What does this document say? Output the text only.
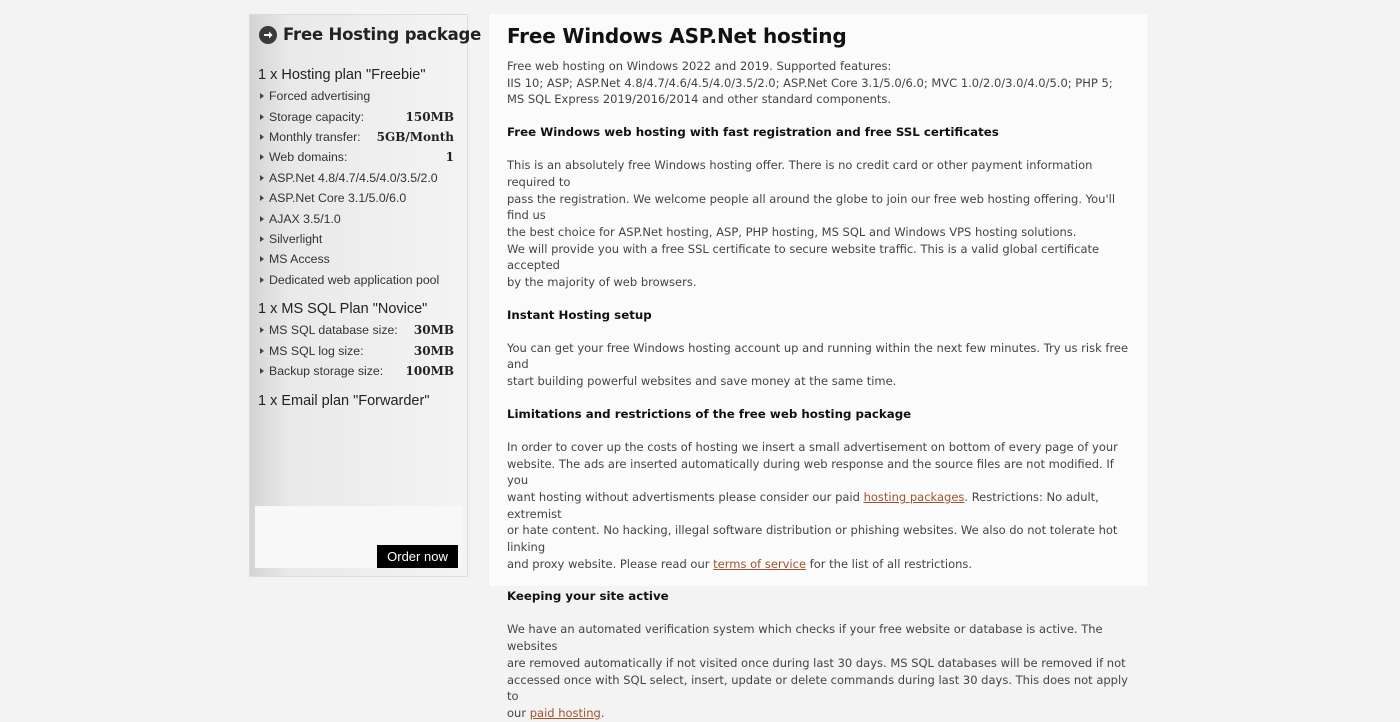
Free Hosting package
1 x Hosting plan "Freebie"
Forced advertising
Storage capacity:	150MB
Monthly transfer:	5GB/Month
Web domains:	1
ASP.Net 4.8/4.7/4.5/4.0/3.5/2.0
ASP.Net Core 3.1/5.0/6.0
AJAX 3.5/1.0
Silverlight
MS Access
Dedicated web application pool
1 x MS SQL Plan "Novice"
MS SQL database size:	30MB
MS SQL log size:	30MB
Backup storage size:	100MB
1 x Email plan "Forwarder"
Order now
Free Windows ASP.Net hosting

Free web hosting on Windows 2022 and 2019. Supported features:
IIS 10; ASP; ASP.Net 4.8/4.7/4.6/4.5/4.0/3.5/2.0; ASP.Net Core 3.1/5.0/6.0; MVC 1.0/2.0/3.0/4.0/5.0; PHP 5;
MS SQL Express 2019/2016/2014 and other standard components.

Free Windows web hosting with fast registration and free SSL certificates

This is an absolutely free Windows hosting offer. There is no credit card or other payment information required to
pass the registration. We welcome people all around the globe to join our free web hosting offering. You'll find us
the best choice for ASP.Net hosting, ASP, PHP hosting, MS SQL and Windows VPS hosting solutions.
We will provide you with a free SSL certificate to secure website traffic. This is a valid global certificate accepted
by the majority of web browsers.

Instant Hosting setup

You can get your free Windows hosting account up and running within the next few minutes. Try us risk free and
start building powerful websites and save money at the same time.

Limitations and restrictions of the free web hosting package

In order to cover up the costs of hosting we insert a small advertisement on bottom of every page of your
website. The ads are inserted automatically during web response and the source files are not modified. If you
want hosting without advertisments please consider our paid hosting packages. Restrictions: No adult, extremist
or hate content. No hacking, illegal software distribution or phishing websites. We also do not tolerate hot linking
and proxy website. Please read our terms of service for the list of all restrictions.

Keeping your site active

We have an automated verification system which checks if your free website or database is active. The websites
are removed automatically if not visited once during last 30 days. MS SQL databases will be removed if not
accessed once with SQL select, insert, update or delete commands during last 30 days. This does not apply to
our paid hosting.
